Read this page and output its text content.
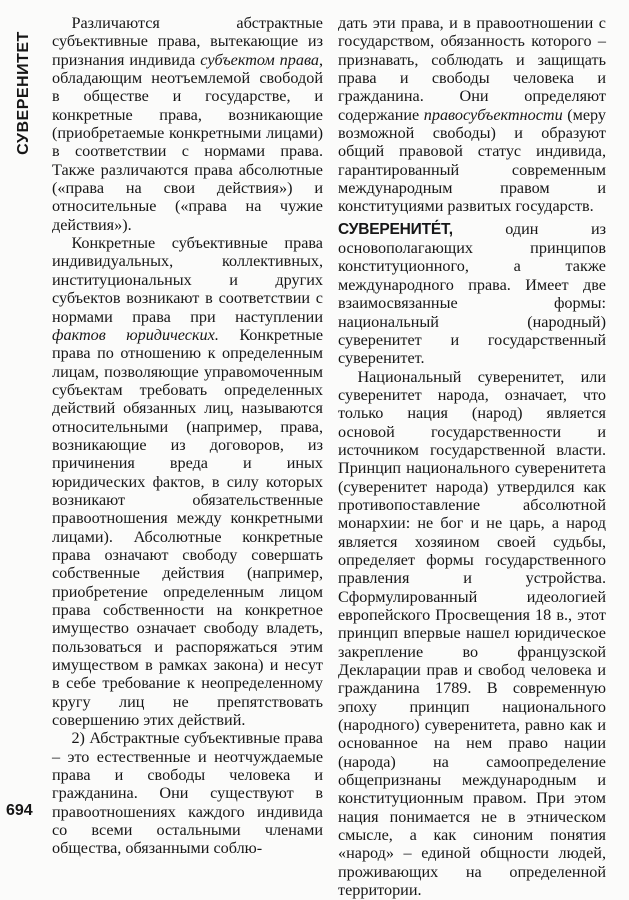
СУВЕРЕНИТЕТ

Различаются абстрактные субъективные права, вытекающие из признания индивида субъектом права, обладающим неотъемлемой свободой в обществе и государстве, и конкретные права, возникающие (приобретаемые конкретными лицами) в соответствии с нормами права. Также различаются права абсолютные («права на свои действия») и относительные («права на чужие действия»).

Конкретные субъективные права индивидуальных, коллективных, институциональных и других субъектов возникают в соответствии с нормами права при наступлении фактов юридических. Конкретные права по отношению к определенным лицам, позволяющие управомоченным субъектам требовать определенных действий обязанных лиц, называются относительными (например, права, возникающие из договоров, из причинения вреда и иных юридических фактов, в силу которых возникают обязательственные правоотношения между конкретными лицами). Абсолютные конкретные права означают свободу совершать собственные действия (например, приобретение определенным лицом права собственности на конкретное имущество означает свободу владеть, пользоваться и распоряжаться этим имуществом в рамках закона) и несут в себе требование к неопределенному кругу лиц не препятствовать совершению этих действий.

2) Абстрактные субъективные права – это естественные и неотчуждаемые права и свободы человека и гражданина. Они существуют в правоотношениях каждого индивида со всеми остальными членами общества, обязанными соблю-

дать эти права, и в правоотношении с государством, обязанность которого – признавать, соблюдать и защищать права и свободы человека и гражданина. Они определяют содержание правосубъектности (меру возможной свободы) и образуют общий правовой статус индивида, гарантированный современным международным правом и конституциями развитых государств.

СУВЕРЕНИТЕ́Т, один из основополагающих принципов конституционного, а также международного права. Имеет две взаимосвязанные формы: национальный (народный) суверенитет и государственный суверенитет.

Национальный суверенитет, или суверенитет народа, означает, что только нация (народ) является основой государственности и источником государственной власти. Принцип национального суверенитета (суверенитет народа) утвердился как противопоставление абсолютной монархии: не бог и не царь, а народ является хозяином своей судьбы, определяет формы государственного правления и устройства. Сформулированный идеологией европейского Просвещения 18 в., этот принцип впервые нашел юридическое закрепление во французской Декларации прав и свобод человека и гражданина 1789. В современную эпоху принцип национального (народного) суверенитета, равно как и основанное на нем право нации (народа) на самоопределение общепризнаны международным и конституционным правом. При этом нация понимается не в этническом смысле, а как синоним понятия «народ» – единой общности людей, проживающих на определенной территории.

694
